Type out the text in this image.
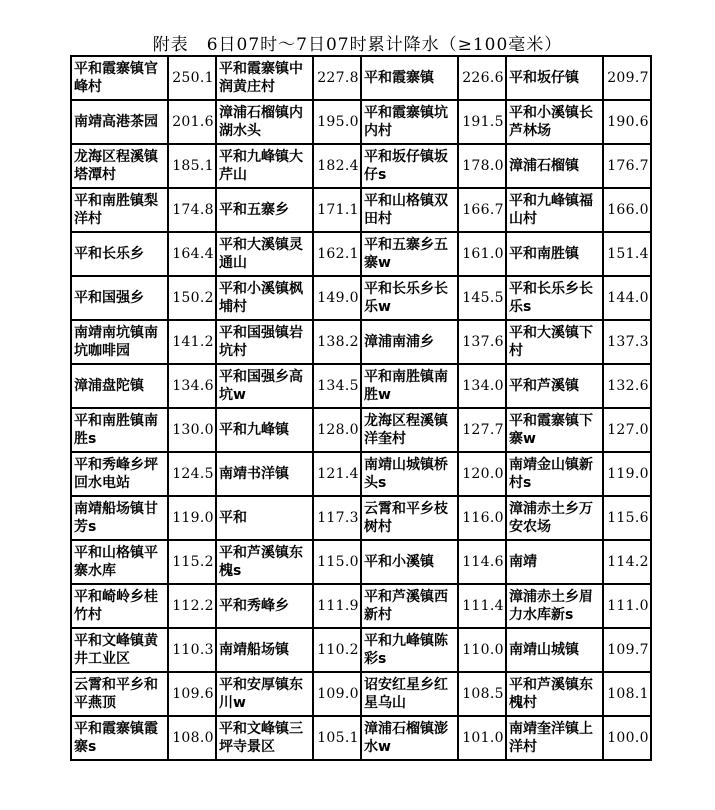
附表　6日07时～7日07时累计降水（≥100毫米）
平和霞寨镇官峰村	250.1	平和霞寨镇中润黄庄村	227.8	平和霞寨镇	226.6	平和坂仔镇	209.7
南靖高港茶园	201.6	漳浦石榴镇内湖水头	195.0	平和霞寨镇坑内村	191.5	平和小溪镇长芦林场	190.6
龙海区程溪镇塔潭村	185.1	平和九峰镇大芹山	182.4	平和坂仔镇坂仔s	178.0	漳浦石榴镇	176.7
平和南胜镇梨洋村	174.8	平和五寨乡	171.1	平和山格镇双田村	166.7	平和九峰镇福山村	166.0
平和长乐乡	164.4	平和大溪镇灵通山	162.1	平和五寨乡五寨w	161.0	平和南胜镇	151.4
平和国强乡	150.2	平和小溪镇枫埔村	149.0	平和长乐乡长乐w	145.5	平和长乐乡长乐s	144.0
南靖南坑镇南坑咖啡园	141.2	平和国强镇岩坑村	138.2	漳浦南浦乡	137.6	平和大溪镇下村	137.3
漳浦盘陀镇	134.6	平和国强乡高坑w	134.5	平和南胜镇南胜w	134.0	平和芦溪镇	132.6
平和南胜镇南胜s	130.0	平和九峰镇	128.0	龙海区程溪镇洋奎村	127.7	平和霞寨镇下寨w	127.0
平和秀峰乡坪回水电站	124.5	南靖书洋镇	121.4	南靖山城镇桥头s	120.0	南靖金山镇新村s	119.0
南靖船场镇甘芳s	119.0	平和	117.3	云霄和平乡枝树村	116.0	漳浦赤土乡万安农场	115.6
平和山格镇平寨水库	115.2	平和芦溪镇东槐s	115.0	平和小溪镇	114.6	南靖	114.2
平和崎岭乡桂竹村	112.2	平和秀峰乡	111.9	平和芦溪镇西新村	111.4	漳浦赤土乡眉力水库新s	111.0
平和文峰镇黄井工业区	110.3	南靖船场镇	110.2	平和九峰镇陈彩s	110.0	南靖山城镇	109.7
云霄和平乡和平燕顶	109.6	平和安厚镇东川w	109.0	诏安红星乡红星乌山	108.5	平和芦溪镇东槐村	108.1
平和霞寨镇霞寨s	108.0	平和文峰镇三坪寺景区	105.1	漳浦石榴镇澎水w	101.0	南靖奎洋镇上洋村	100.0
